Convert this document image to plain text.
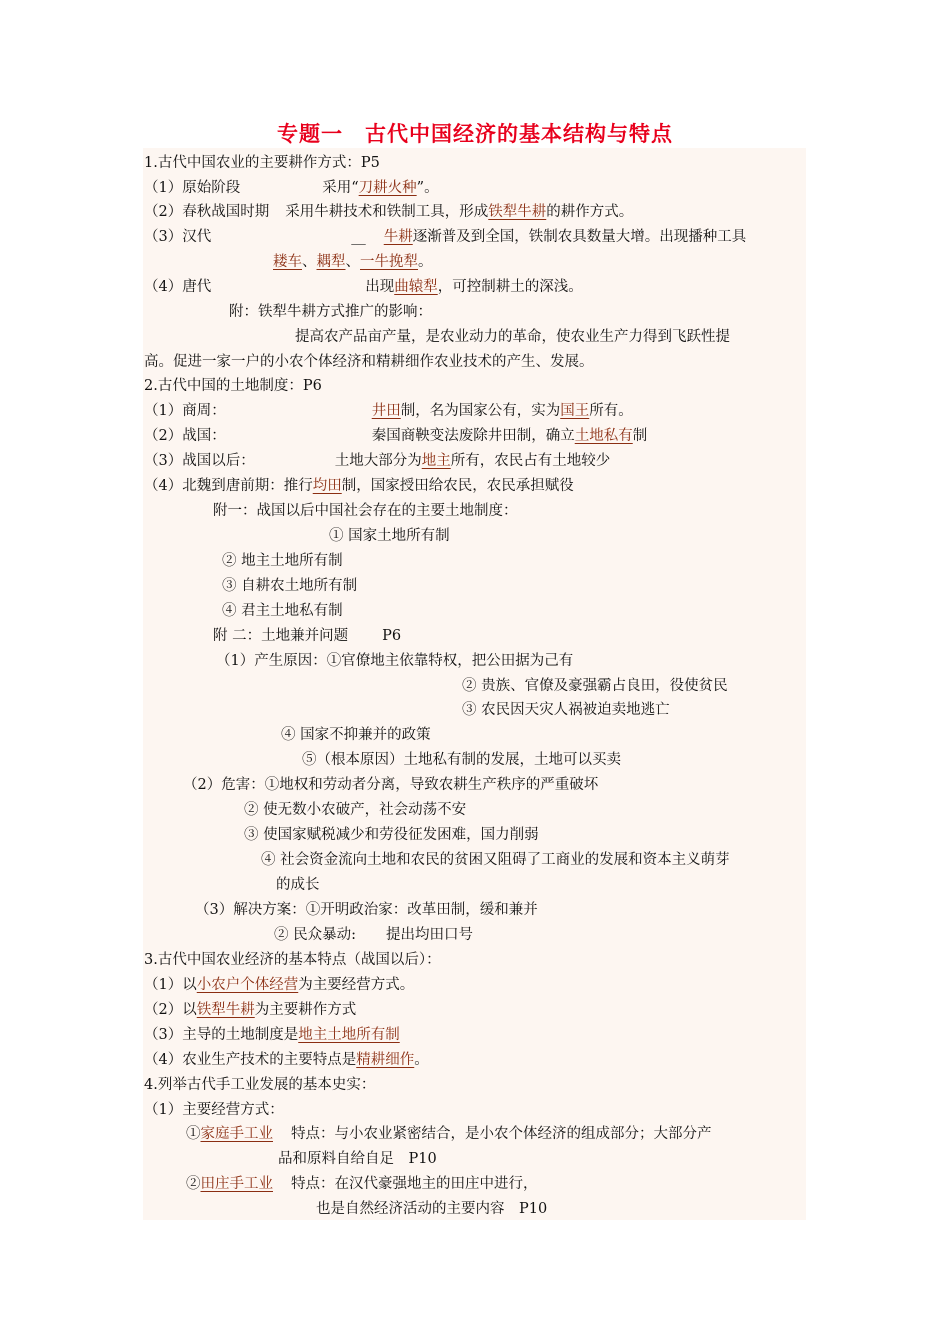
专题一 古代中国经济的基本结构与特点
1.古代中国农业的主要耕作方式：P5
（1）原始阶段	采用“刀耕火种”。
（2）春秋战国时期 采用牛耕技术和铁制工具，形成铁犁牛耕的耕作方式。
（3）汉代	__ 牛耕逐渐普及到全国，铁制农具数量大增。出现播种工具
耧车、耦犁、一牛挽犁。
（4）唐代	出现曲辕犁，可控制耕土的深浅。
附：铁犁牛耕方式推广的影响：
提高农产品亩产量，是农业动力的革命，使农业生产力得到飞跃性提
高。促进一家一户的小农个体经济和精耕细作农业技术的产生、发展。
2.古代中国的土地制度：P6
（1）商周：	井田制，名为国家公有，实为国王所有。
（2）战国：	秦国商鞅变法废除井田制，确立土地私有制
（3）战国以后：	土地大部分为地主所有，农民占有土地较少
（4）北魏到唐前期：推行均田制，国家授田给农民，农民承担赋役
附一：战国以后中国社会存在的主要土地制度：
① 国家土地所有制
② 地主土地所有制
③ 自耕农土地所有制
④ 君主土地私有制
附 二：土地兼并问题 P6
（1）产生原因：①官僚地主依靠特权，把公田据为己有
② 贵族、官僚及豪强霸占良田，役使贫民
③ 农民因天灾人祸被迫卖地逃亡
④ 国家不抑兼并的政策
⑤（根本原因）土地私有制的发展，土地可以买卖
（2）危害：①地权和劳动者分离，导致农耕生产秩序的严重破坏
② 使无数小农破产，社会动荡不安
③ 使国家赋税减少和劳役征发困难，国力削弱
④ 社会资金流向土地和农民的贫困又阻碍了工商业的发展和资本主义萌芽
的成长
（3）解决方案：①开明政治家：改革田制，缓和兼并
② 民众暴动: 提出均田口号
3.古代中国农业经济的基本特点（战国以后）：
（1）以小农户个体经营为主要经营方式。
（2）以铁犁牛耕为主要耕作方式
（3）主导的土地制度是地主土地所有制
（4）农业生产技术的主要特点是精耕细作。
4.列举古代手工业发展的基本史实：
（1）主要经营方式：
①家庭手工业 特点：与小农业紧密结合，是小农个体经济的组成部分；大部分产
品和原料自给自足　P10
②田庄手工业 特点：在汉代豪强地主的田庄中进行，
也是自然经济活动的主要内容　P10
